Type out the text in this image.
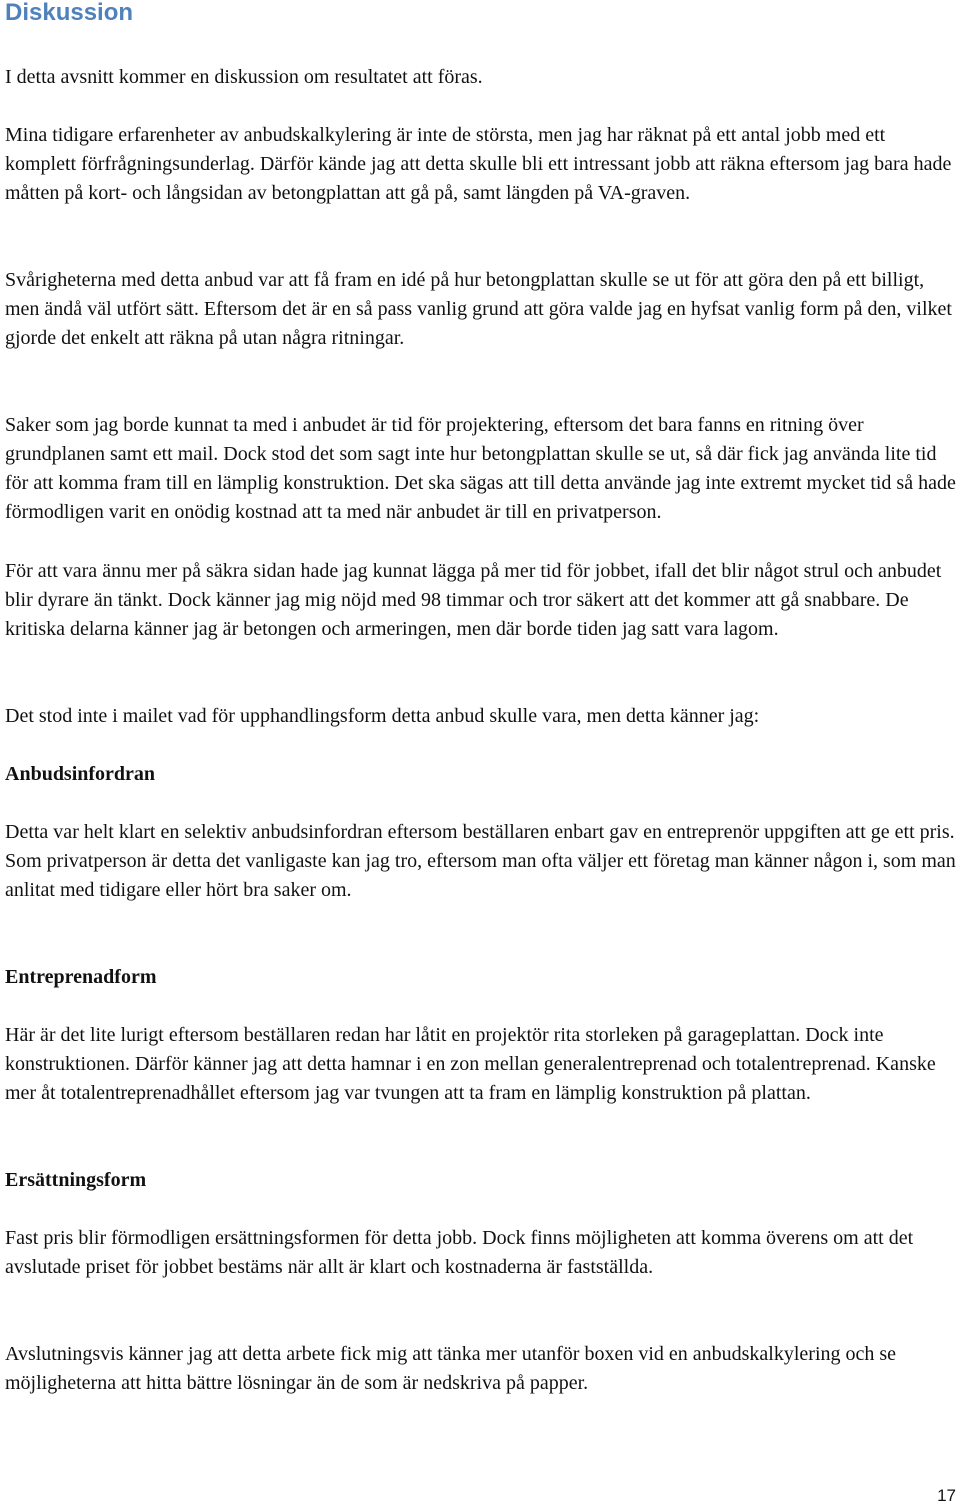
Diskussion

I detta avsnitt kommer en diskussion om resultatet att föras.

Mina tidigare erfarenheter av anbudskalkylering är inte de största, men jag har räknat på ett antal jobb med ett komplett förfrågningsunderlag. Därför kände jag att detta skulle bli ett intressant jobb att räkna eftersom jag bara hade måtten på kort- och långsidan av betongplattan att gå på, samt längden på VA-graven.

Svårigheterna med detta anbud var att få fram en idé på hur betongplattan skulle se ut för att göra den på ett billigt, men ändå väl utfört sätt. Eftersom det är en så pass vanlig grund att göra valde jag en hyfsat vanlig form på den, vilket gjorde det enkelt att räkna på utan några ritningar.

Saker som jag borde kunnat ta med i anbudet är tid för projektering, eftersom det bara fanns en ritning över grundplanen samt ett mail. Dock stod det som sagt inte hur betongplattan skulle se ut, så där fick jag använda lite tid för att komma fram till en lämplig konstruktion. Det ska sägas att till detta använde jag inte extremt mycket tid så hade förmodligen varit en onödig kostnad att ta med när anbudet är till en privatperson.

För att vara ännu mer på säkra sidan hade jag kunnat lägga på mer tid för jobbet, ifall det blir något strul och anbudet blir dyrare än tänkt. Dock känner jag mig nöjd med 98 timmar och tror säkert att det kommer att gå snabbare. De kritiska delarna känner jag är betongen och armeringen, men där borde tiden jag satt vara lagom.

Det stod inte i mailet vad för upphandlingsform detta anbud skulle vara, men detta känner jag:

Anbudsinfordran

Detta var helt klart en selektiv anbudsinfordran eftersom beställaren enbart gav en entreprenör uppgiften att ge ett pris. Som privatperson är detta det vanligaste kan jag tro, eftersom man ofta väljer ett företag man känner någon i, som man anlitat med tidigare eller hört bra saker om.

Entreprenadform

Här är det lite lurigt eftersom beställaren redan har låtit en projektör rita storleken på garageplattan. Dock inte konstruktionen. Därför känner jag att detta hamnar i en zon mellan generalentreprenad och totalentreprenad. Kanske mer åt totalentreprenadhållet eftersom jag var tvungen att ta fram en lämplig konstruktion på plattan.

Ersättningsform

Fast pris blir förmodligen ersättningsformen för detta jobb. Dock finns möjligheten att komma överens om att det avslutade priset för jobbet bestäms när allt är klart och kostnaderna är fastställda.

Avslutningsvis känner jag att detta arbete fick mig att tänka mer utanför boxen vid en anbudskalkylering och se möjligheterna att hitta bättre lösningar än de som är nedskriva på papper.

17
